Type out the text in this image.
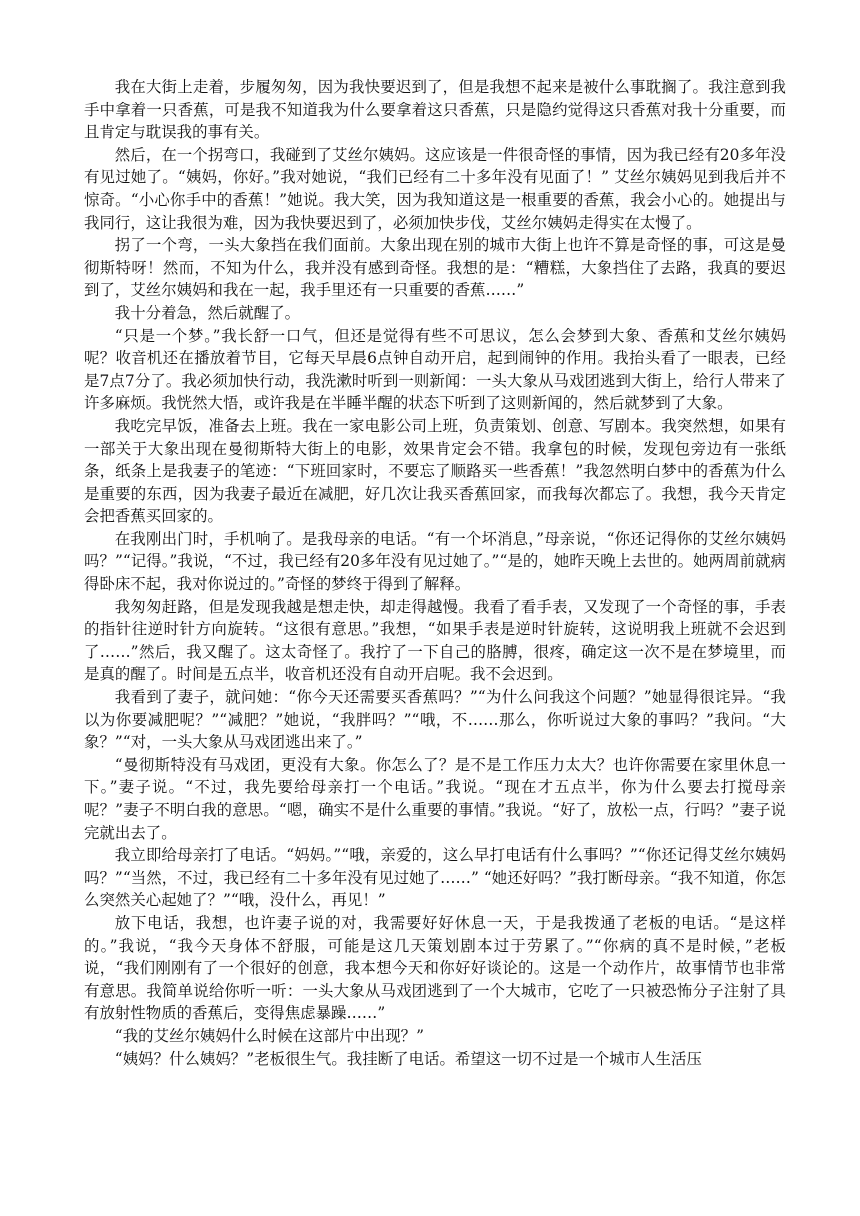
我在大街上走着，步履匆匆，因为我快要迟到了，但是我想不起来是被什么事耽搁了。我注意到我手中拿着一只香蕉，可是我不知道我为什么要拿着这只香蕉，只是隐约觉得这只香蕉对我十分重要，而且肯定与耽误我的事有关。

然后，在一个拐弯口，我碰到了艾丝尔姨妈。这应该是一件很奇怪的事情，因为我已经有20多年没有见过她了。“姨妈，你好。”我对她说，“我们已经有二十多年没有见面了！” 艾丝尔姨妈见到我后并不惊奇。“小心你手中的香蕉！”她说。我大笑，因为我知道这是一根重要的香蕉，我会小心的。她提出与我同行，这让我很为难，因为我快要迟到了，必须加快步伐，艾丝尔姨妈走得实在太慢了。

拐了一个弯，一头大象挡在我们面前。大象出现在别的城市大街上也许不算是奇怪的事，可这是曼彻斯特呀！然而，不知为什么，我并没有感到奇怪。我想的是：“糟糕，大象挡住了去路，我真的要迟到了，艾丝尔姨妈和我在一起，我手里还有一只重要的香蕉……”

我十分着急，然后就醒了。

“只是一个梦。”我长舒一口气，但还是觉得有些不可思议，怎么会梦到大象、香蕉和艾丝尔姨妈呢？收音机还在播放着节目，它每天早晨6点钟自动开启，起到闹钟的作用。我抬头看了一眼表，已经是7点7分了。我必须加快行动，我洗漱时听到一则新闻：一头大象从马戏团逃到大街上，给行人带来了许多麻烦。我恍然大悟，或许我是在半睡半醒的状态下听到了这则新闻的，然后就梦到了大象。

我吃完早饭，准备去上班。我在一家电影公司上班，负责策划、创意、写剧本。我突然想，如果有一部关于大象出现在曼彻斯特大街上的电影，效果肯定会不错。我拿包的时候，发现包旁边有一张纸条，纸条上是我妻子的笔迹：“下班回家时，不要忘了顺路买一些香蕉！”我忽然明白梦中的香蕉为什么是重要的东西，因为我妻子最近在减肥，好几次让我买香蕉回家，而我每次都忘了。我想，我今天肯定会把香蕉买回家的。

在我刚出门时，手机响了。是我母亲的电话。“有一个坏消息，”母亲说，“你还记得你的艾丝尔姨妈吗？”“记得。”我说，“不过，我已经有20多年没有见过她了。”“是的，她昨天晚上去世的。她两周前就病得卧床不起，我对你说过的。”奇怪的梦终于得到了解释。

我匆匆赶路，但是发现我越是想走快，却走得越慢。我看了看手表，又发现了一个奇怪的事，手表的指针往逆时针方向旋转。“这很有意思。”我想，“如果手表是逆时针旋转，这说明我上班就不会迟到了……”然后，我又醒了。这太奇怪了。我拧了一下自己的胳膊，很疼，确定这一次不是在梦境里，而是真的醒了。时间是五点半，收音机还没有自动开启呢。我不会迟到。

我看到了妻子，就问她：“你今天还需要买香蕉吗？”“为什么问我这个问题？”她显得很诧异。“我以为你要减肥呢？”“减肥？”她说，“我胖吗？”“哦，不……那么，你听说过大象的事吗？”我问。“大象？”“对，一头大象从马戏团逃出来了。”

“曼彻斯特没有马戏团，更没有大象。你怎么了？是不是工作压力太大？也许你需要在家里休息一下。”妻子说。“不过，我先要给母亲打一个电话。”我说。“现在才五点半，你为什么要去打搅母亲呢？”妻子不明白我的意思。“嗯，确实不是什么重要的事情。”我说。“好了，放松一点，行吗？”妻子说完就出去了。

我立即给母亲打了电话。“妈妈。”“哦，亲爱的，这么早打电话有什么事吗？”“你还记得艾丝尔姨妈吗？”“当然，不过，我已经有二十多年没有见过她了……” “她还好吗？”我打断母亲。“我不知道，你怎么突然关心起她了？”“哦，没什么，再见！”

放下电话，我想，也许妻子说的对，我需要好好休息一天，于是我拨通了老板的电话。“是这样的。”我说，“我今天身体不舒服，可能是这几天策划剧本过于劳累了。”“你病的真不是时候，”老板说，“我们刚刚有了一个很好的创意，我本想今天和你好好谈论的。这是一个动作片，故事情节也非常有意思。我简单说给你听一听：一头大象从马戏团逃到了一个大城市，它吃了一只被恐怖分子注射了具有放射性物质的香蕉后，变得焦虑暴躁……”

“我的艾丝尔姨妈什么时候在这部片中出现？”

“姨妈？什么姨妈？”老板很生气。我挂断了电话。希望这一切不过是一个城市人生活压
